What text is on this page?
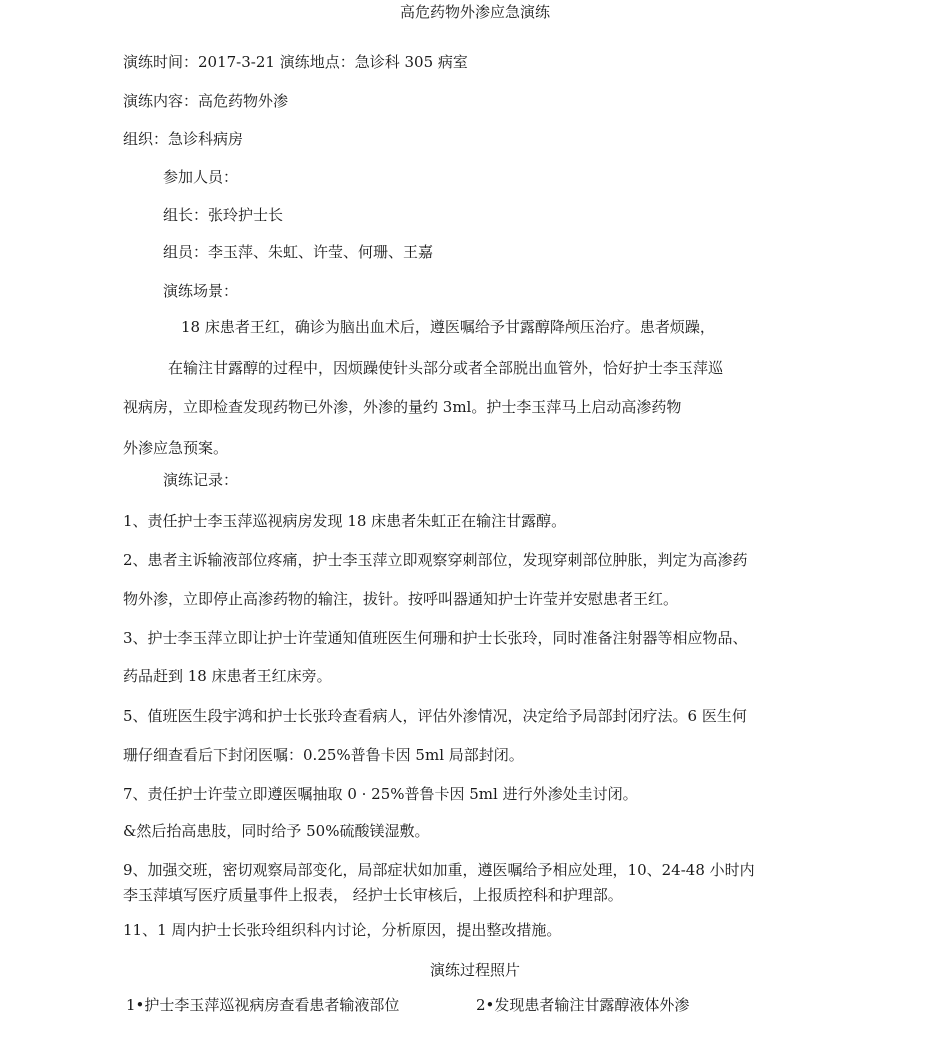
高危药物外渗应急演练
演练时间：2017-3-21 演练地点：急诊科 305 病室
演练内容：高危药物外渗
组织：急诊科病房
参加人员：
组长：张玲护士长
组员：李玉萍、朱虹、许莹、何珊、王嘉
演练场景：
18 床患者王红，确诊为脑出血术后，遵医嘱给予甘露醇降颅压治疗。患者烦躁，
在输注甘露醇的过程中，因烦躁使针头部分或者全部脱出血管外，恰好护士李玉萍巡
视病房，立即检查发现药物已外渗，外渗的量约 3ml。护士李玉萍马上启动高渗药物
外渗应急预案。
演练记录：
1、责任护士李玉萍巡视病房发现 18 床患者朱虹正在输注甘露醇。
2、患者主诉输液部位疼痛，护士李玉萍立即观察穿刺部位，发现穿刺部位肿胀，判定为高渗药
物外渗，立即停止高渗药物的输注，拔针。按呼叫器通知护士许莹并安慰患者王红。
3、护士李玉萍立即让护士许莹通知值班医生何珊和护士长张玲，同时准备注射器等相应物品、
药品赶到 18 床患者王红床旁。
5、值班医生段宇鸿和护士长张玲查看病人，评估外渗情况，决定给予局部封闭疗法。6 医生何
珊仔细查看后下封闭医嘱：0.25%普鲁卡因 5ml 局部封闭。
7、责任护士许莹立即遵医嘱抽取 0 · 25%普鲁卡因 5ml 进行外渗处圭讨闭。
&然后抬高患肢，同时给予 50%硫酸镁湿敷。
9、加强交班，密切观察局部变化，局部症状如加重，遵医嘱给予相应处理，10、24-48 小时内
李玉萍填写医疗质量事件上报表， 经护士长审核后，上报质控科和护理部。
11、1 周内护士长张玲组织科内讨论，分析原因，提出整改措施。
演练过程照片
1•护士李玉萍巡视病房查看患者输液部位	2•发现患者输注甘露醇液体外渗
